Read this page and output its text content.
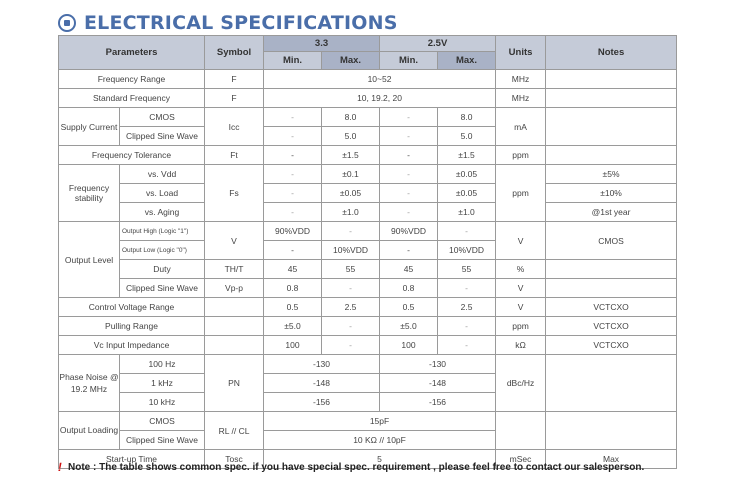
ELECTRICAL SPECIFICATIONS
Parameters		Symbol	3.3		2.5V		Units	Notes
			Min.	Max.	Min.	Max.		
Frequency Range		F	10~52				MHz	
Standard Frequency		F	10, 19.2, 20				MHz	
Supply Current	CMOS	Icc	-	8.0	-	8.0	mA	
	Clipped Sine Wave		-	5.0	-	5.0		
Frequency Tolerance		Ft	-	±1.5	-	±1.5	ppm	
Frequency stability	vs. Vdd	Fs	-	±0.1	-	±0.05	ppm	±5%
	vs. Load		-	±0.05	-	±0.05		±10%
	vs. Aging		-	±1.0	-	±1.0		@1st year
Output Level	Output High (Logic "1")	V	90%VDD	-	90%VDD	-	V	CMOS
	Output Low (Logic "0")		-	10%VDD	-	10%VDD		
	Duty	TH/T	45	55	45	55	%	
	Clipped Sine Wave	Vp-p	0.8	-	0.8	-	V	
Control Voltage Range			0.5	2.5	0.5	2.5	V	VCTCXO
Pulling Range			±5.0	-	±5.0	-	ppm	VCTCXO
Vc Input Impedance			100	-	100	-	kΩ	VCTCXO
Phase Noise @ 19.2 MHz	100 Hz	PN	-130		-130		dBc/Hz	
	1 kHz		-148		-148			
	10 kHz		-156		-156			
Output Loading	CMOS	RL // CL	15pF					
	Clipped Sine Wave		10 KΩ // 10pF					
Start-up Time		Tosc	5				mSec	Max
! Note : The table shows common spec. if you have special spec. requirement , please feel free to contact our salesperson.
